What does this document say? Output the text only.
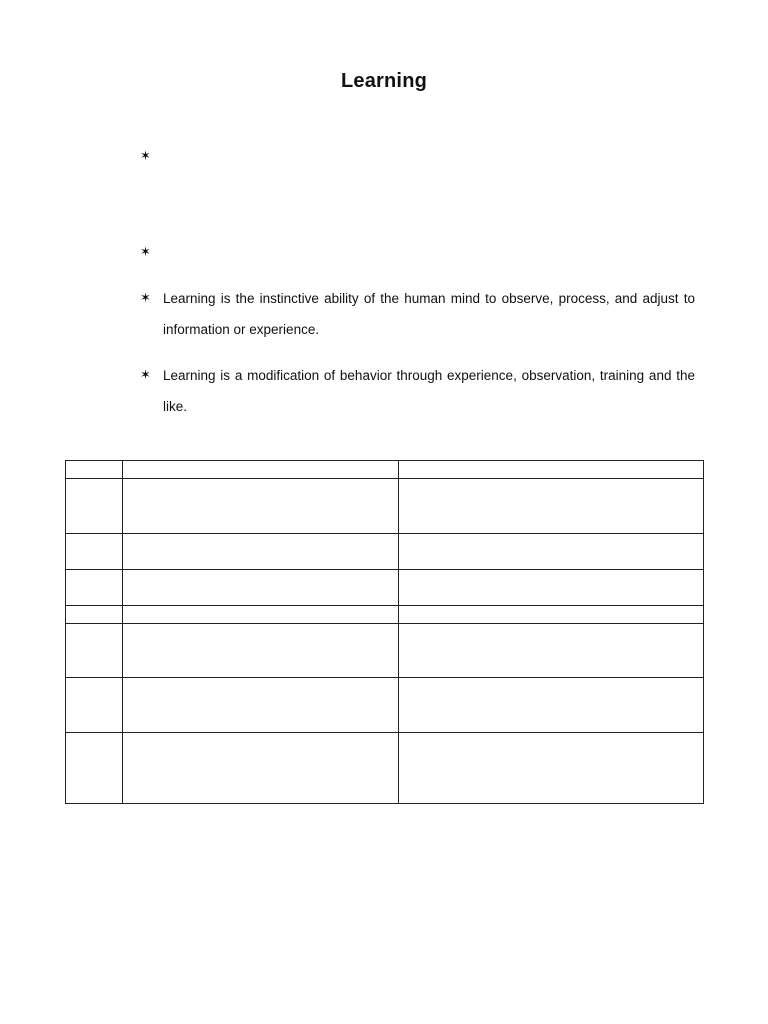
Learning
✶
✶
✶
✶
Learning is the instinctive ability of the human mind to observe, process, and adjust to information or experience.
Learning is a modification of behavior through experience, observation, training and the like.
